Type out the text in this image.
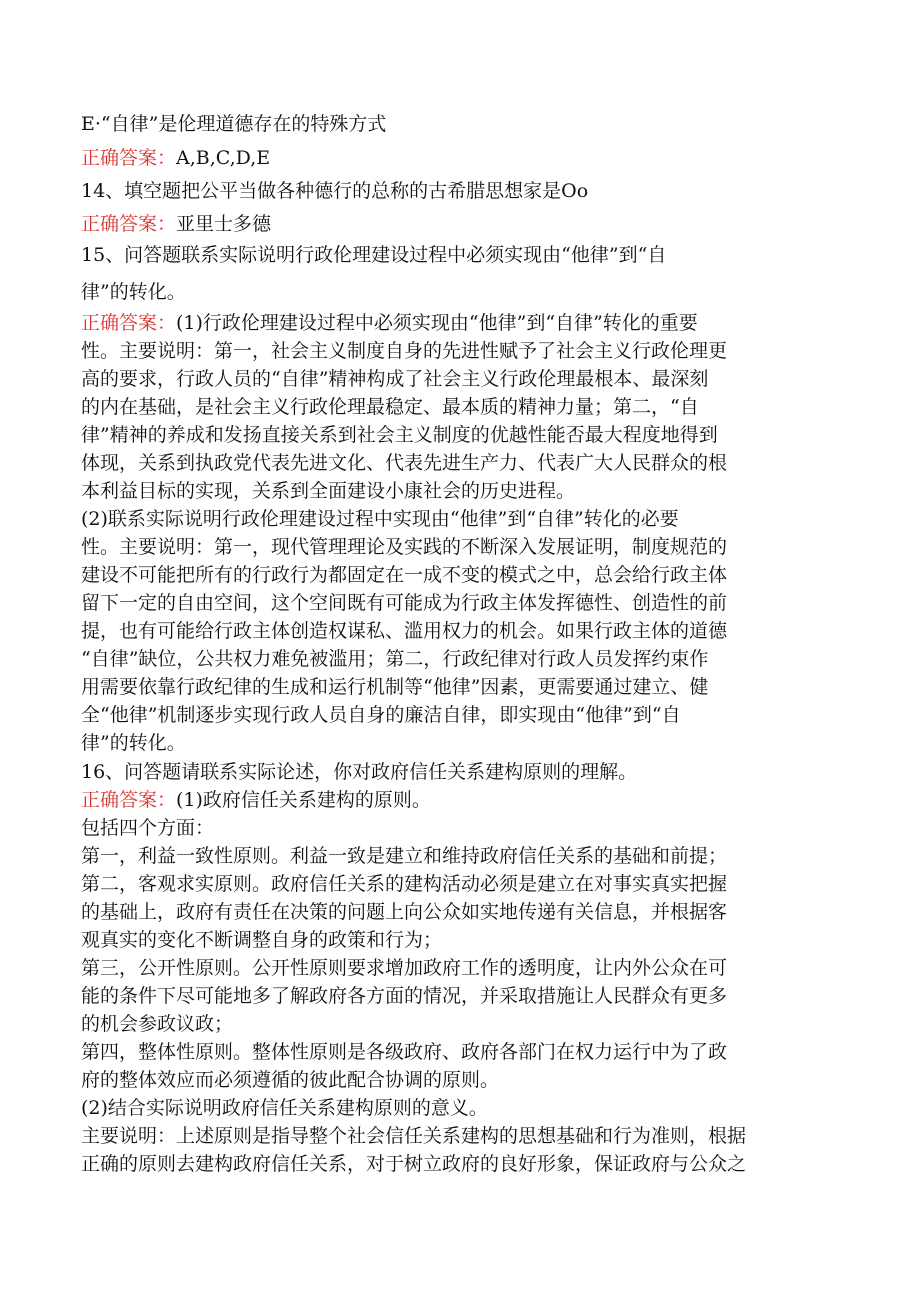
E·“自律”是伦理道德存在的特殊方式
正确答案：A,B,C,D,E
14、填空题把公平当做各种德行的总称的古希腊思想家是Oo
正确答案：亚里士多德
15、问答题联系实际说明行政伦理建设过程中必须实现由“他律”到“自
律”的转化。
正确答案：(1)行政伦理建设过程中必须实现由“他律”到“自律”转化的重要
性。主要说明：第一，社会主义制度自身的先进性赋予了社会主义行政伦理更
高的要求，行政人员的“自律”精神构成了社会主义行政伦理最根本、最深刻
的内在基础，是社会主义行政伦理最稳定、最本质的精神力量；第二，“自
律”精神的养成和发扬直接关系到社会主义制度的优越性能否最大程度地得到
体现，关系到执政党代表先进文化、代表先进生产力、代表广大人民群众的根
本利益目标的实现，关系到全面建设小康社会的历史进程。
(2)联系实际说明行政伦理建设过程中实现由“他律”到“自律”转化的必要
性。主要说明：第一，现代管理理论及实践的不断深入发展证明，制度规范的
建设不可能把所有的行政行为都固定在一成不变的模式之中，总会给行政主体
留下一定的自由空间，这个空间既有可能成为行政主体发挥德性、创造性的前
提，也有可能给行政主体创造权谋私、滥用权力的机会。如果行政主体的道德
“自律”缺位，公共权力难免被滥用；第二，行政纪律对行政人员发挥约束作
用需要依靠行政纪律的生成和运行机制等“他律”因素，更需要通过建立、健
全“他律”机制逐步实现行政人员自身的廉洁自律，即实现由“他律”到“自
律”的转化。
16、问答题请联系实际论述，你对政府信任关系建构原则的理解。
正确答案：(1)政府信任关系建构的原则。
包括四个方面：
第一，利益一致性原则。利益一致是建立和维持政府信任关系的基础和前提；
第二，客观求实原则。政府信任关系的建构活动必须是建立在对事实真实把握
的基础上，政府有责任在决策的问题上向公众如实地传递有关信息，并根据客
观真实的变化不断调整自身的政策和行为；
第三，公开性原则。公开性原则要求增加政府工作的透明度，让内外公众在可
能的条件下尽可能地多了解政府各方面的情况，并采取措施让人民群众有更多
的机会参政议政；
第四，整体性原则。整体性原则是各级政府、政府各部门在权力运行中为了政
府的整体效应而必须遵循的彼此配合协调的原则。
(2)结合实际说明政府信任关系建构原则的意义。
主要说明：上述原则是指导整个社会信任关系建构的思想基础和行为准则，根据
正确的原则去建构政府信任关系，对于树立政府的良好形象，保证政府与公众之
